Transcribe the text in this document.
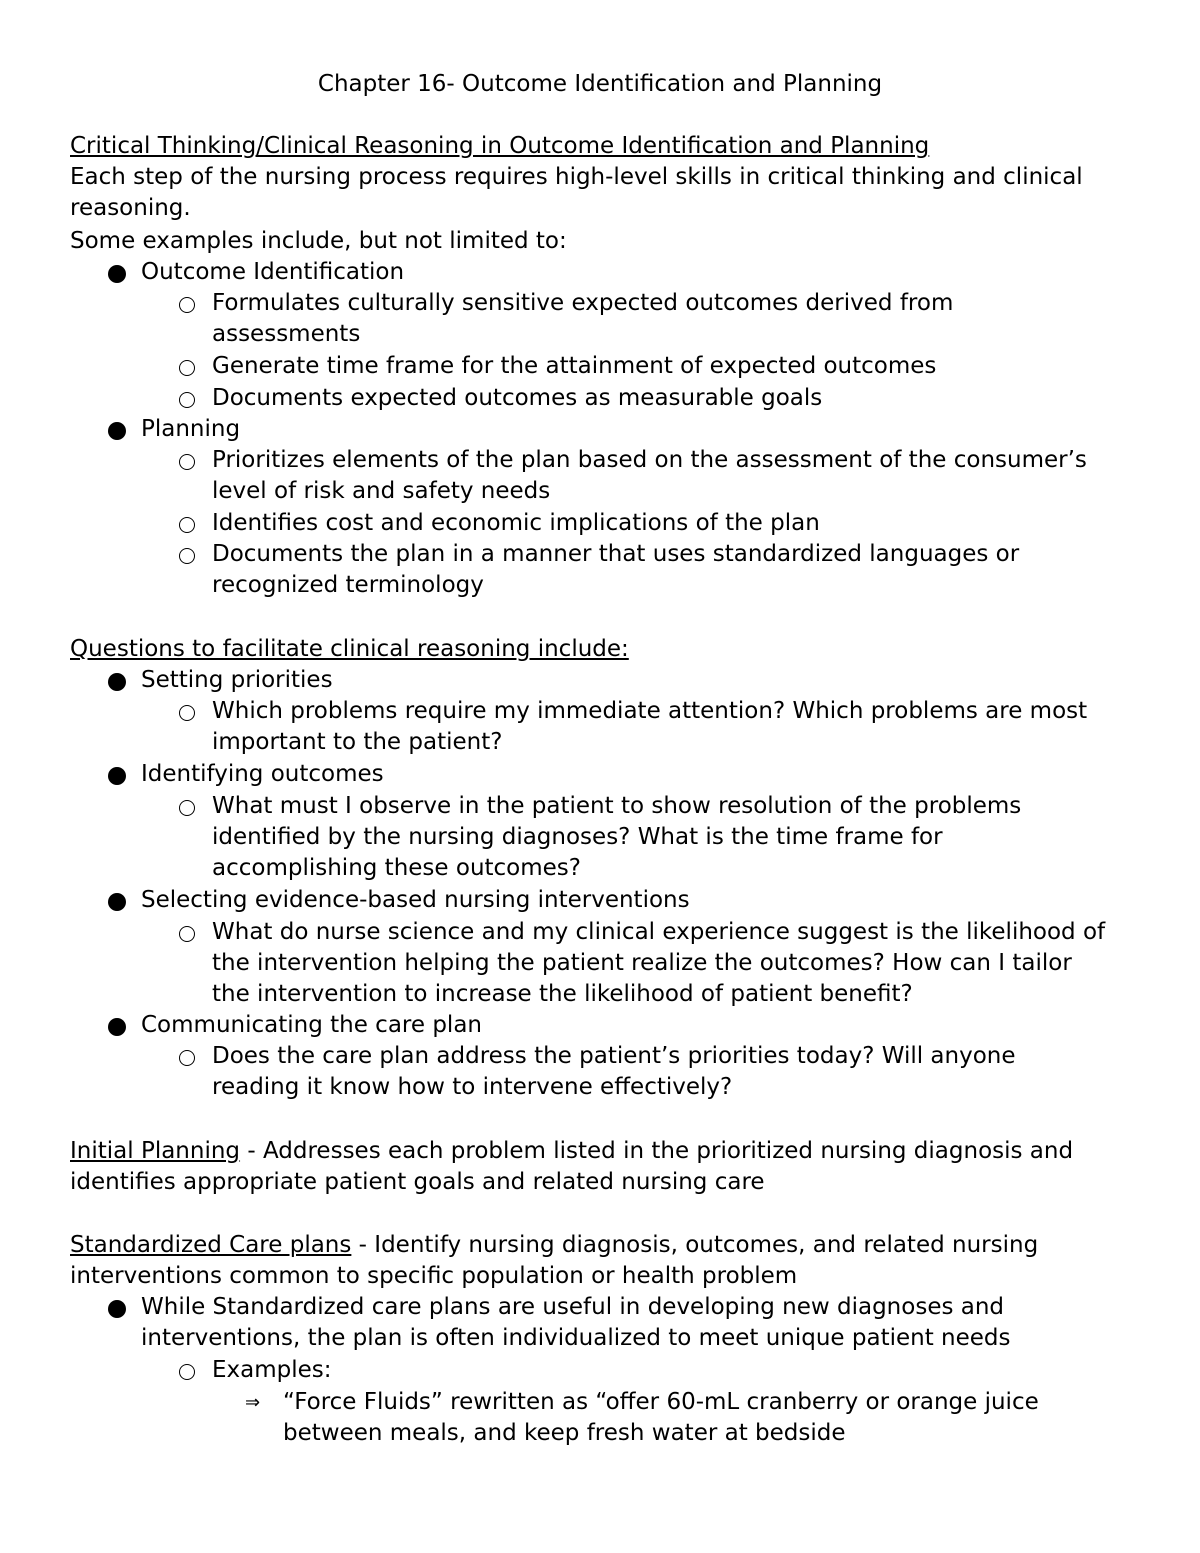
Chapter 16- Outcome Identification and Planning
Critical Thinking/Clinical Reasoning in Outcome Identification and Planning
Each step of the nursing process requires high-level skills in critical thinking and clinical
reasoning.
Some examples include, but not limited to:
Outcome Identification
Formulates culturally sensitive expected outcomes derived from
assessments
Generate time frame for the attainment of expected outcomes
Documents expected outcomes as measurable goals
Planning
Prioritizes elements of the plan based on the assessment of the consumer’s
level of risk and safety needs
Identifies cost and economic implications of the plan
Documents the plan in a manner that uses standardized languages or
recognized terminology
Questions to facilitate clinical reasoning include:
Setting priorities
Which problems require my immediate attention? Which problems are most
important to the patient?
Identifying outcomes
What must I observe in the patient to show resolution of the problems
identified by the nursing diagnoses? What is the time frame for
accomplishing these outcomes?
Selecting evidence-based nursing interventions
What do nurse science and my clinical experience suggest is the likelihood of
the intervention helping the patient realize the outcomes? How can I tailor
the intervention to increase the likelihood of patient benefit?
Communicating the care plan
Does the care plan address the patient’s priorities today? Will anyone
reading it know how to intervene effectively?
Initial Planning - Addresses each problem listed in the prioritized nursing diagnosis and
identifies appropriate patient goals and related nursing care
Standardized Care plans - Identify nursing diagnosis, outcomes, and related nursing
interventions common to specific population or health problem
While Standardized care plans are useful in developing new diagnoses and
interventions, the plan is often individualized to meet unique patient needs
Examples:
⇒ “Force Fluids” rewritten as “offer 60-mL cranberry or orange juice
between meals, and keep fresh water at bedside
